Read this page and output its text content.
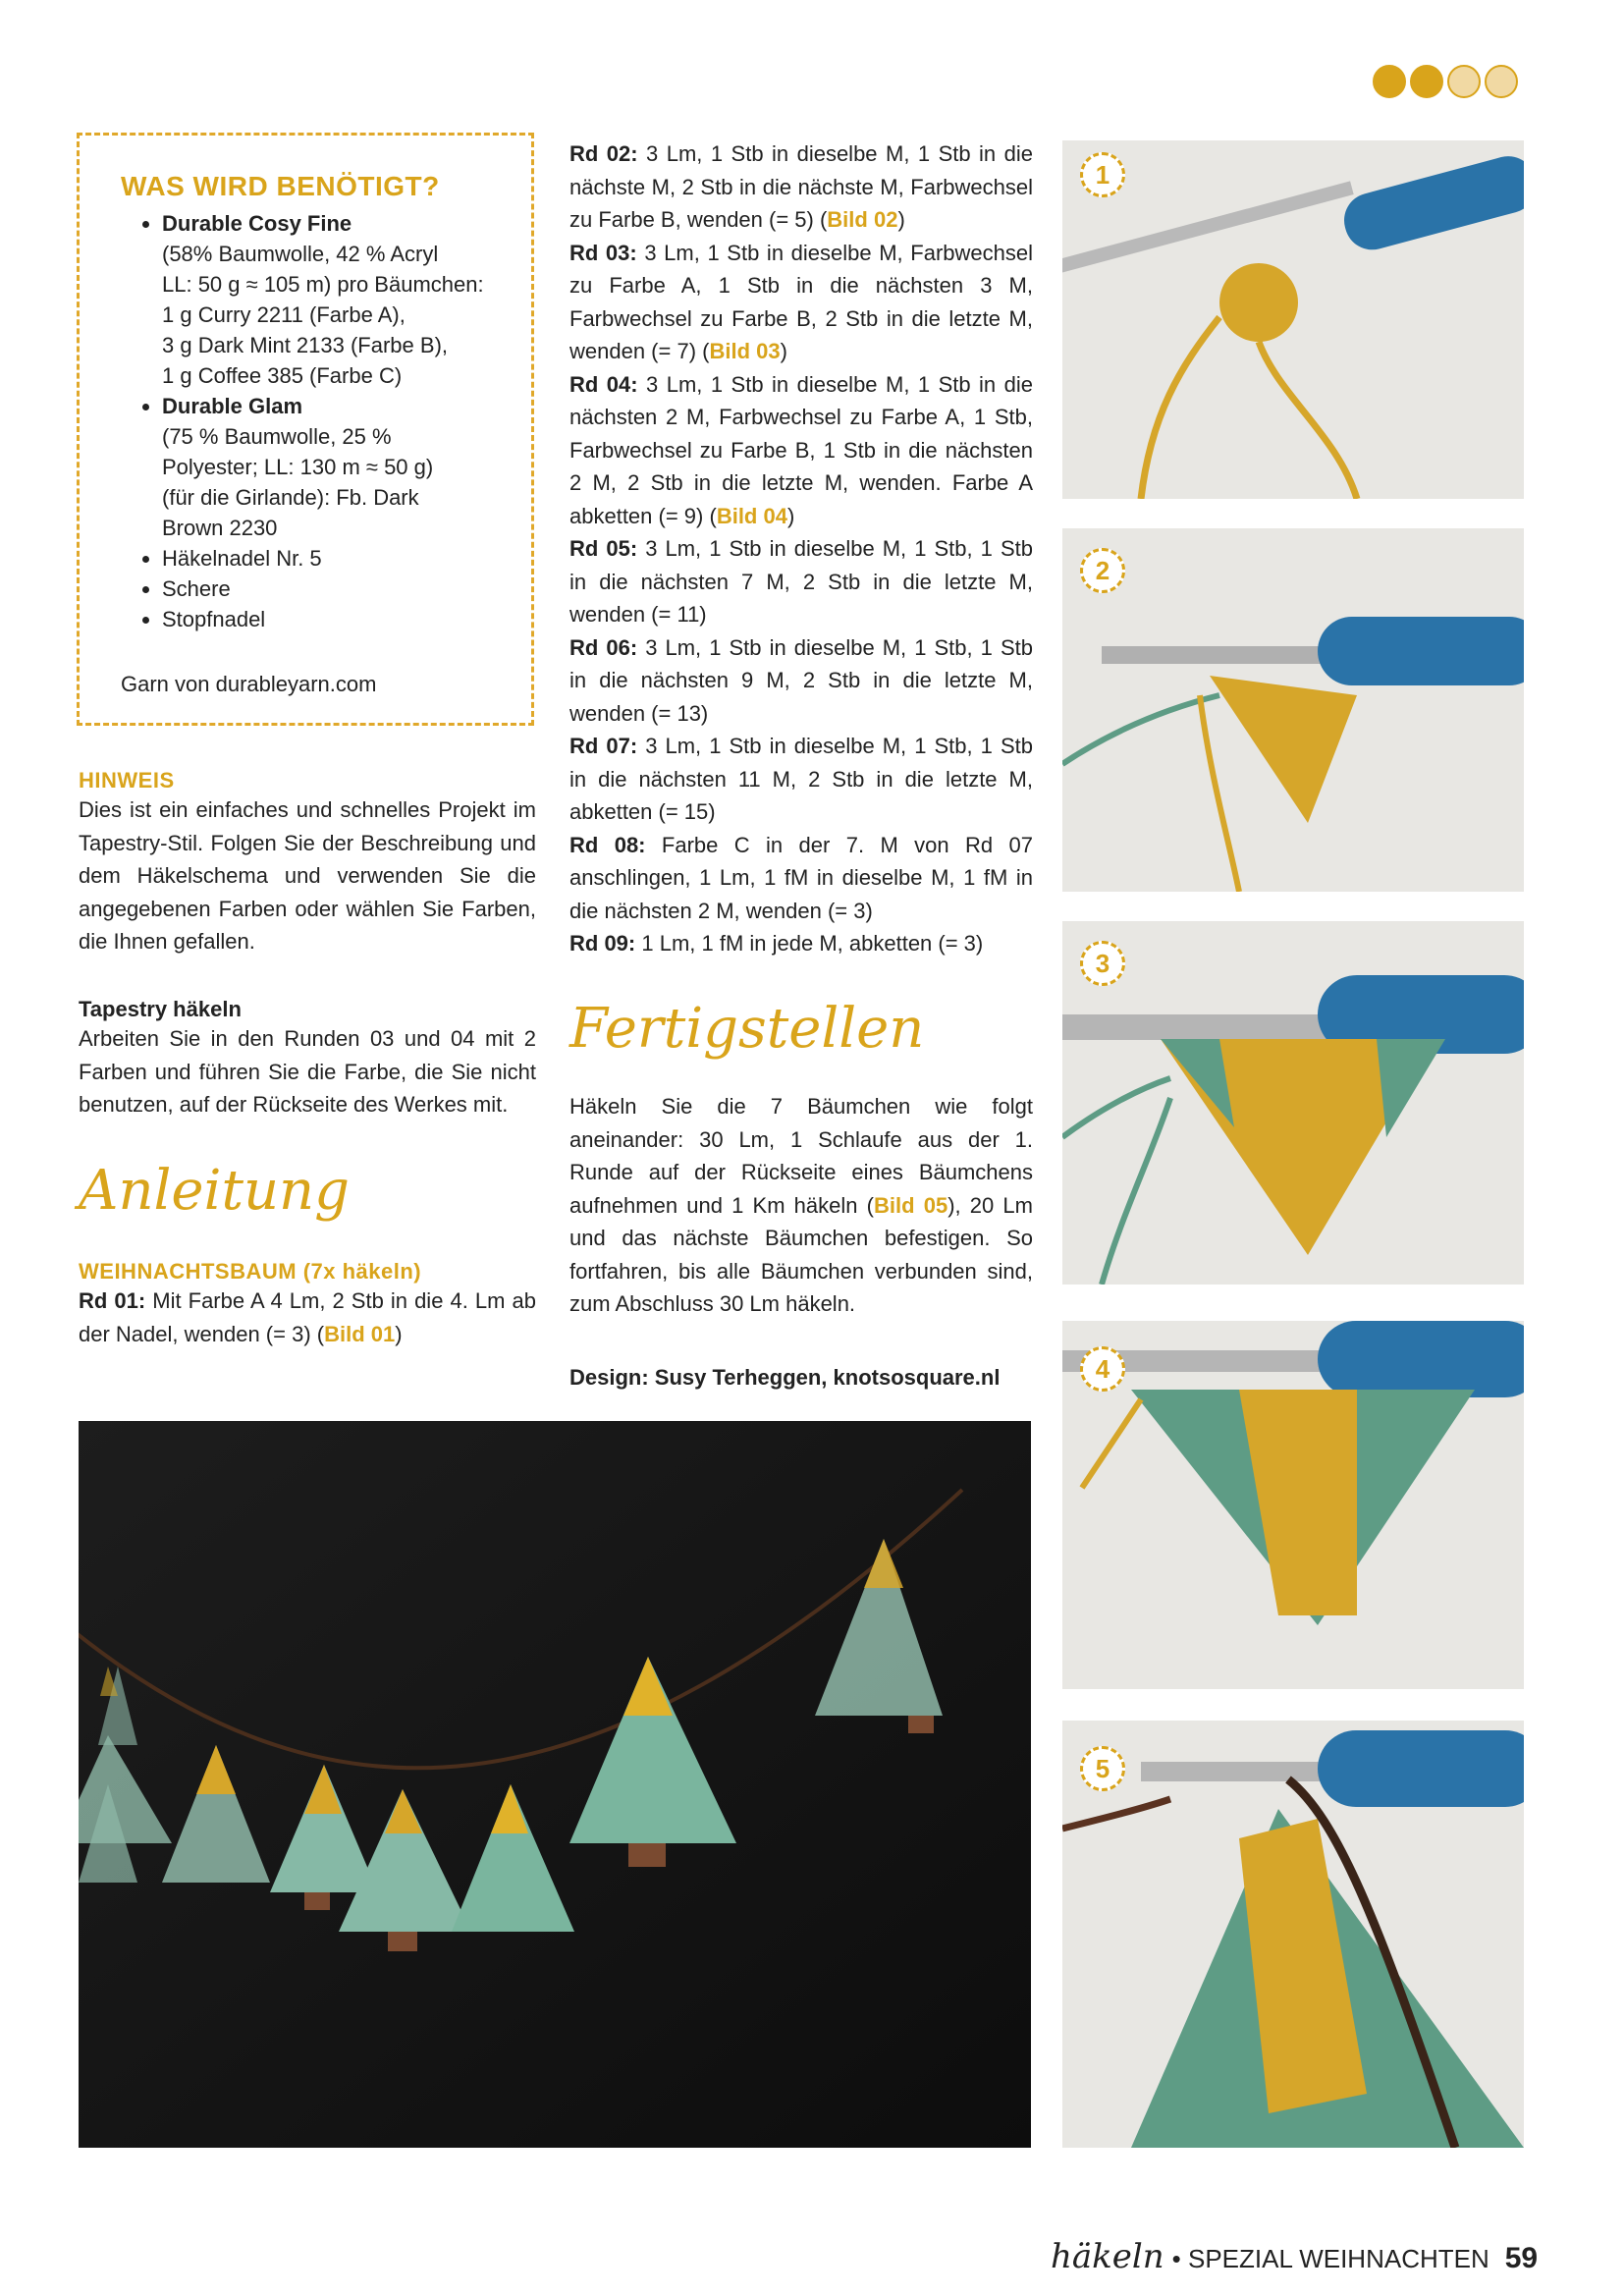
WAS WIRD BENÖTIGT?
• Durable Cosy Fine
(58% Baumwolle, 42 % Acryl
LL: 50 g ≈ 105 m) pro Bäumchen:
1 g Curry 2211 (Farbe A),
3 g Dark Mint 2133 (Farbe B),
1 g Coffee 385 (Farbe C)
• Durable Glam
(75 % Baumwolle, 25 %
Polyester; LL: 130 m ≈ 50 g)
(für die Girlande): Fb. Dark
Brown 2230
• Häkelnadel Nr. 5
• Schere
• Stopfnadel
Garn von durableyarn.com
HINWEIS
Dies ist ein einfaches und schnelles Projekt im Tapestry-Stil. Folgen Sie der Beschreibung und dem Häkelschema und verwenden Sie die angegebenen Farben oder wählen Sie Farben, die Ihnen gefallen.
Tapestry häkeln
Arbeiten Sie in den Runden 03 und 04 mit 2 Farben und führen Sie die Farbe, die Sie nicht benutzen, auf der Rückseite des Werkes mit.
Anleitung
WEIHNACHTSBAUM (7x häkeln)
Rd 01: Mit Farbe A 4 Lm, 2 Stb in die 4. Lm ab der Nadel, wenden (= 3) (Bild 01)
Rd 02: 3 Lm, 1 Stb in dieselbe M, 1 Stb in die nächste M, 2 Stb in die nächste M, Farbwechsel zu Farbe B, wenden (= 5) (Bild 02)
Rd 03: 3 Lm, 1 Stb in dieselbe M, Farbwechsel zu Farbe A, 1 Stb in die nächsten 3 M, Farbwechsel zu Farbe B, 2 Stb in die letzte M, wenden (= 7) (Bild 03)
Rd 04: 3 Lm, 1 Stb in dieselbe M, 1 Stb in die nächsten 2 M, Farbwechsel zu Farbe A, 1 Stb, Farbwechsel zu Farbe B, 1 Stb in die nächsten 2 M, 2 Stb in die letzte M, wenden. Farbe A abketten (= 9) (Bild 04)
Rd 05: 3 Lm, 1 Stb in dieselbe M, 1 Stb, 1 Stb in die nächsten 7 M, 2 Stb in die letzte M, wenden (= 11)
Rd 06: 3 Lm, 1 Stb in dieselbe M, 1 Stb, 1 Stb in die nächsten 9 M, 2 Stb in die letzte M, wenden (= 13)
Rd 07: 3 Lm, 1 Stb in dieselbe M, 1 Stb, 1 Stb in die nächsten 11 M, 2 Stb in die letzte M, abketten (= 15)
Rd 08: Farbe C in der 7. M von Rd 07 anschlingen, 1 Lm, 1 fM in dieselbe M, 1 fM in die nächsten 2 M, wenden (= 3)
Rd 09: 1 Lm, 1 fM in jede M, abketten (= 3)
Fertigstellen
Häkeln Sie die 7 Bäumchen wie folgt aneinander: 30 Lm, 1 Schlaufe aus der 1. Runde auf der Rückseite eines Bäumchens aufnehmen und 1 Km häkeln (Bild 05), 20 Lm und das nächste Bäumchen befestigen. So fortfahren, bis alle Bäumchen verbunden sind, zum Abschluss 30 Lm häkeln.
Design: Susy Terheggen, knotsosquare.nl
1
2
3
4
5
häkeln • SPEZIAL WEIHNACHTEN 59
